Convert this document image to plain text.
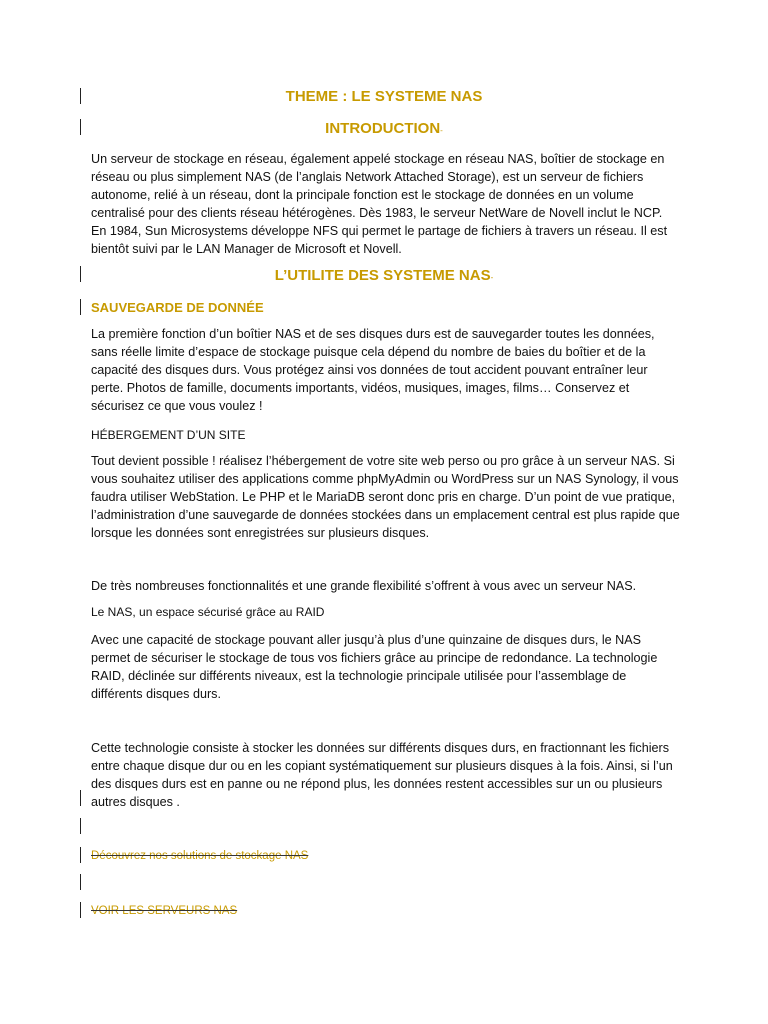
THEME : LE SYSTEME NAS
INTRODUCTION-
Un serveur de stockage en réseau, également appelé stockage en réseau NAS, boîtier de stockage en réseau ou plus simplement NAS (de l’anglais Network Attached Storage), est un serveur de fichiers autonome, relié à un réseau, dont la principale fonction est le stockage de données en un volume centralisé pour des clients réseau hétérogènes. Dès 1983, le serveur NetWare de Novell inclut le NCP. En 1984, Sun Microsystems développe NFS qui permet le partage de fichiers à travers un réseau. Il est bientôt suivi par le LAN Manager de Microsoft et Novell.
L’UTILITE DES SYSTEME NAS-
SAUVEGARDE DE DONNÉE
La première fonction d’un boîtier NAS et de ses disques durs est de sauvegarder toutes les données, sans réelle limite d’espace de stockage puisque cela dépend du nombre de baies du boîtier et de la capacité des disques durs. Vous protégez ainsi vos données de tout accident pouvant entraîner leur perte. Photos de famille, documents importants, vidéos, musiques, images, films… Conservez et sécurisez ce que vous voulez !
HÉBERGEMENT D’UN SITE
Tout devient possible ! réalisez l’hébergement de votre site web perso ou pro grâce à un serveur NAS. Si vous souhaitez utiliser des applications comme phpMyAdmin ou WordPress sur un NAS Synology, il vous faudra utiliser WebStation. Le PHP et le MariaDB seront donc pris en charge. D’un point de vue pratique, l’administration d’une sauvegarde de données stockées dans un emplacement central est plus rapide que lorsque les données sont enregistrées sur plusieurs disques.
De très nombreuses fonctionnalités et une grande flexibilité s’offrent à vous avec un serveur NAS.
Le NAS, un espace sécurisé grâce au RAID
Avec une capacité de stockage pouvant aller jusqu’à plus d’une quinzaine de disques durs, le NAS permet de sécuriser le stockage de tous vos fichiers grâce au principe de redondance. La technologie RAID, déclinée sur différents niveaux, est la technologie principale utilisée pour l’assemblage de différents disques durs.
Cette technologie consiste à stocker les données sur différents disques durs, en fractionnant les fichiers entre chaque disque dur ou en les copiant systématiquement sur plusieurs disques à la fois. Ainsi, si l’un des disques durs est en panne ou ne répond plus, les données restent accessibles sur un ou plusieurs autres disques .
Découvrez nos solutions de stockage NAS
VOIR LES SERVEURS NAS
